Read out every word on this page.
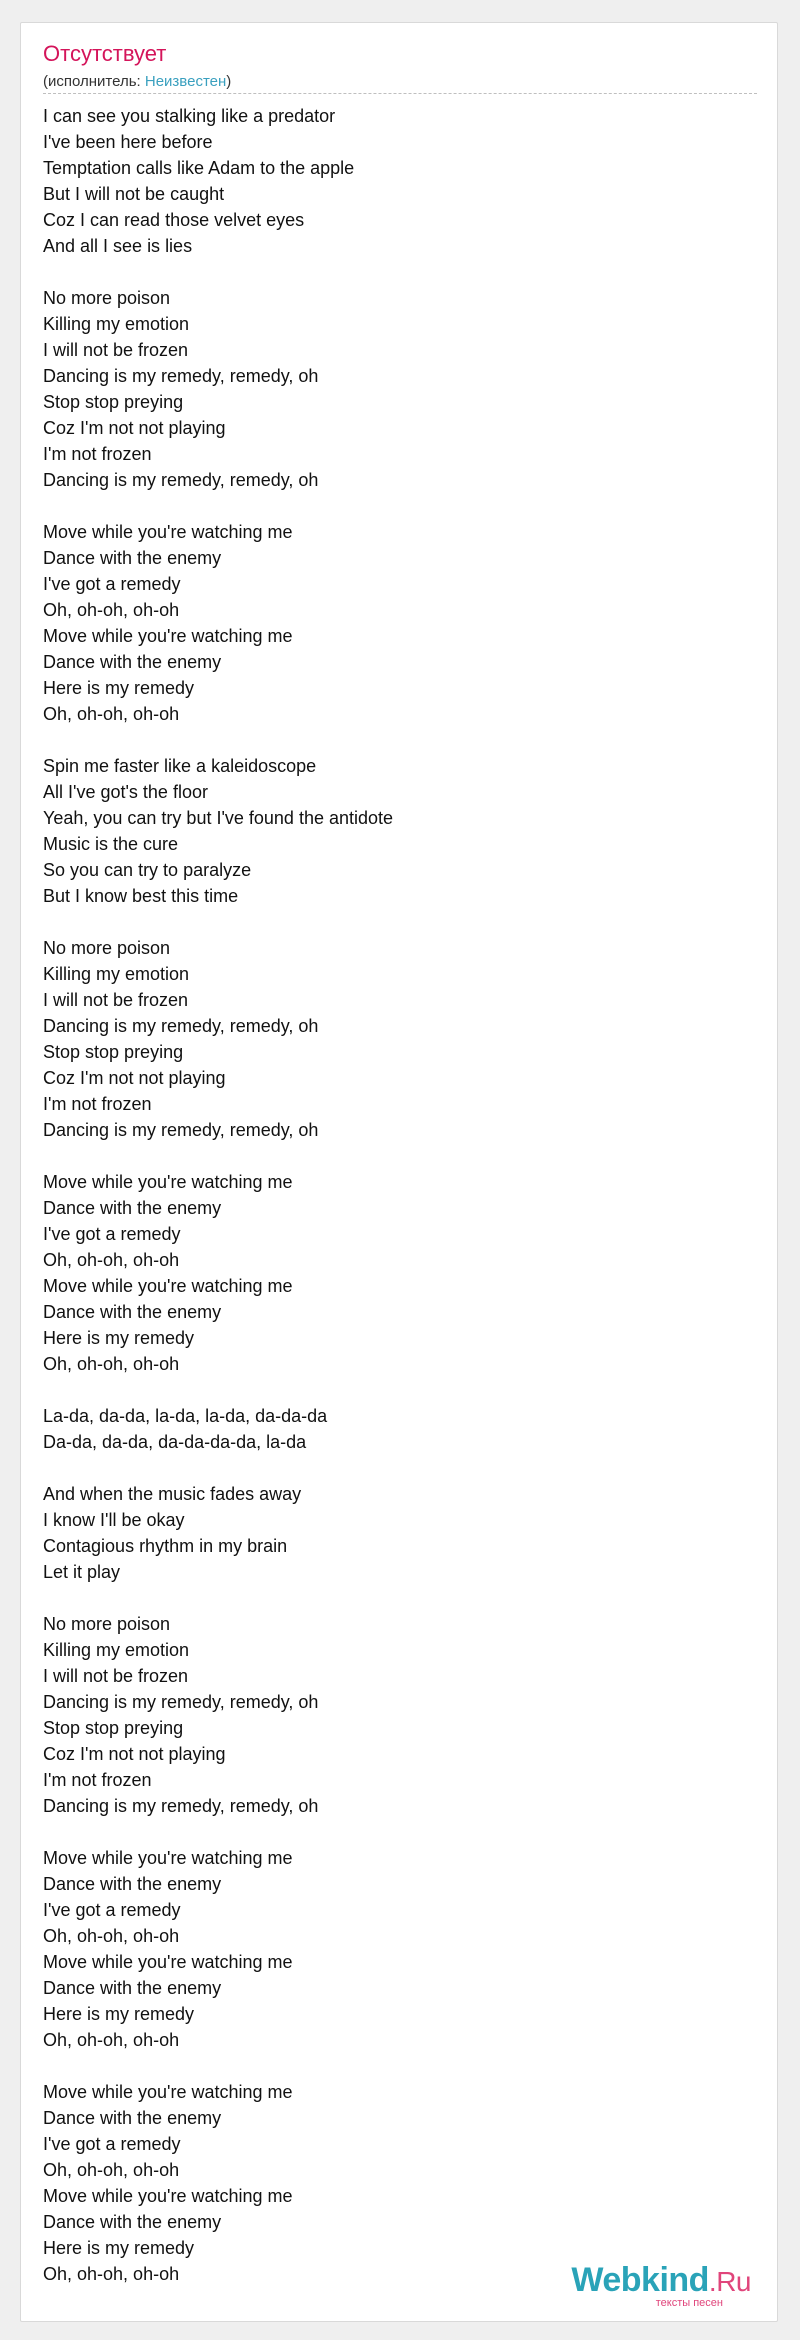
Отсутствует
(исполнитель: Неизвестен)
I can see you stalking like a predator
I've been here before
Temptation calls like Adam to the apple
But I will not be caught
Coz I can read those velvet eyes
And all I see is lies
No more poison
Killing my emotion
I will not be frozen
Dancing is my remedy, remedy, oh
Stop stop preying
Coz I'm not not playing
I'm not frozen
Dancing is my remedy, remedy, oh
Move while you're watching me
Dance with the enemy
I've got a remedy
Oh, oh-oh, oh-oh
Move while you're watching me
Dance with the enemy
Here is my remedy
Oh, oh-oh, oh-oh
Spin me faster like a kaleidoscope
All I've got's the floor
Yeah, you can try but I've found the antidote
Music is the cure
So you can try to paralyze
But I know best this time
No more poison
Killing my emotion
I will not be frozen
Dancing is my remedy, remedy, oh
Stop stop preying
Coz I'm not not playing
I'm not frozen
Dancing is my remedy, remedy, oh
Move while you're watching me
Dance with the enemy
I've got a remedy
Oh, oh-oh, oh-oh
Move while you're watching me
Dance with the enemy
Here is my remedy
Oh, oh-oh, oh-oh
La-da, da-da, la-da, la-da, da-da-da
Da-da, da-da, da-da-da-da, la-da
And when the music fades away
I know I'll be okay
Contagious rhythm in my brain
Let it play
No more poison
Killing my emotion
I will not be frozen
Dancing is my remedy, remedy, oh
Stop stop preying
Coz I'm not not playing
I'm not frozen
Dancing is my remedy, remedy, oh
Move while you're watching me
Dance with the enemy
I've got a remedy
Oh, oh-oh, oh-oh
Move while you're watching me
Dance with the enemy
Here is my remedy
Oh, oh-oh, oh-oh
Move while you're watching me
Dance with the enemy
I've got a remedy
Oh, oh-oh, oh-oh
Move while you're watching me
Dance with the enemy
Here is my remedy
Oh, oh-oh, oh-oh	Webkind.Ru
тексты песен
